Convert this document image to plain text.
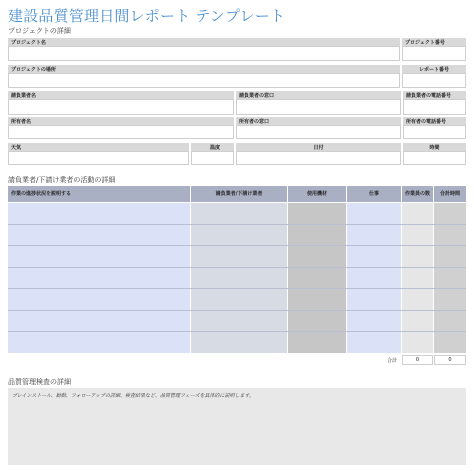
建設品質管理日間レポート テンプレート
プロジェクトの詳細
プロジェクト名	プロジェクト番号
プロジェクトの場所	レポート番号
請負業者名	請負業者の窓口	請負業者の電話番号
所有者名	所有者の窓口	所有者の電話番号
天気	温度	日付	時間
請負業者/下請け業者の活動の詳細
作業の進捗状況を説明する	請負業者/下請け業者	使用機材	仕事	作業員の数	合計時間
合計	0	0
品質管理検査の詳細
ブレインストール、勧動、フォローアップの詳細、検査結果など、品質管理フェーズを具体的に説明します。
